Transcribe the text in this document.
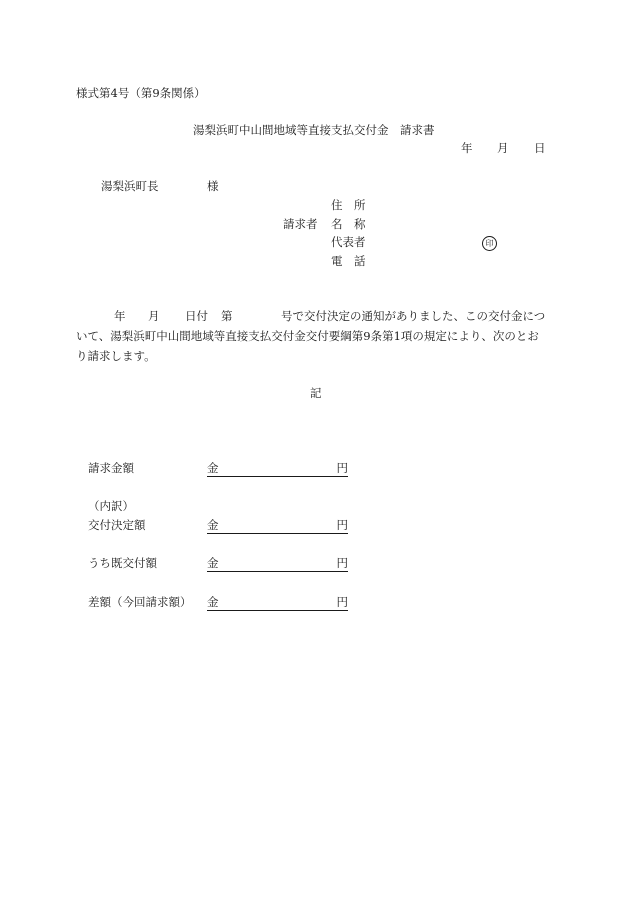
様式第4号（第9条関係）
湯梨浜町中山間地域等直接支払交付金　請求書
年 月 日
湯梨浜町長	様
住　所
請求者 名　称
代表者	印
電　話
年 月 日付 第	号で交付決定の通知がありました、この交付金につ
いて、湯梨浜町中山間地域等直接支払交付金交付要綱第9条第1項の規定により、次のとお
り請求します。
記
請求金額	金	円
（内訳）
交付決定額	金	円
うち既交付額	金	円
差額（今回請求額） 金	円
